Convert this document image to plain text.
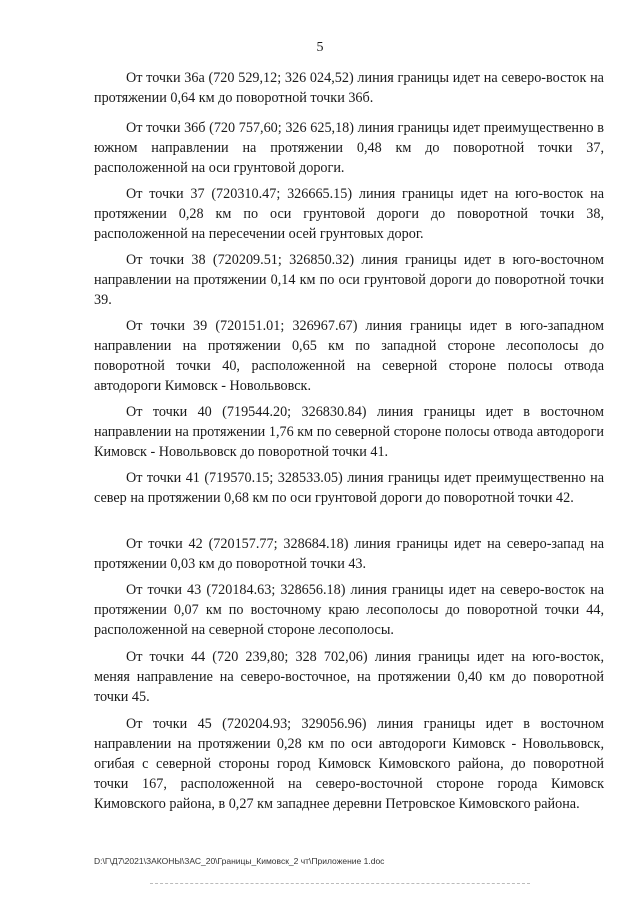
5

От точки 36а (720 529,12; 326 024,52) линия границы идет на северо-восток на протяжении 0,64 км до поворотной точки 36б.

От точки 36б (720 757,60; 326 625,18) линия границы идет преимущественно в южном направлении на протяжении 0,48 км до поворотной точки 37, расположенной на оси грунтовой дороги.

От точки 37 (720310.47; 326665.15) линия границы идет на юго-восток на протяжении 0,28 км по оси грунтовой дороги до поворотной точки 38, расположенной на пересечении осей грунтовых дорог.

От точки 38 (720209.51; 326850.32) линия границы идет в юго-восточном направлении на протяжении 0,14 км по оси грунтовой дороги до поворотной точки 39.

От точки 39 (720151.01; 326967.67) линия границы идет в юго-западном направлении на протяжении 0,65 км по западной стороне лесополосы до поворотной точки 40, расположенной на северной стороне полосы отвода автодороги Кимовск - Новольвовск.

От точки 40 (719544.20; 326830.84) линия границы идет в восточном направлении на протяжении 1,76 км по северной стороне полосы отвода автодороги Кимовск - Новольвовск до поворотной точки 41.

От точки 41 (719570.15; 328533.05) линия границы идет преимущественно на север на протяжении 0,68 км по оси грунтовой дороги до поворотной точки 42.

От точки 42 (720157.77; 328684.18) линия границы идет на северо-запад на протяжении 0,03 км до поворотной точки 43.

От точки 43 (720184.63; 328656.18) линия границы идет на северо-восток на протяжении 0,07 км по восточному краю лесополосы до поворотной точки 44, расположенной на северной стороне лесополосы.

От точки 44 (720 239,80; 328 702,06) линия границы идет на юго-восток, меняя направление на северо-восточное, на протяжении 0,40 км до поворотной точки 45.

От точки 45 (720204.93; 329056.96) линия границы идет в восточном направлении на протяжении 0,28 км по оси автодороги Кимовск - Новольвовск, огибая с северной стороны город Кимовск Кимовского района, до поворотной точки 167, расположенной на северо-восточной стороне города Кимовск Кимовского района, в 0,27 км западнее деревни Петровское Кимовского района.

D:\Г\Д7\2021\ЗАКОНЫ\ЗАС_20\Границы_Кимовск_2 чт\Приложение 1.doc
